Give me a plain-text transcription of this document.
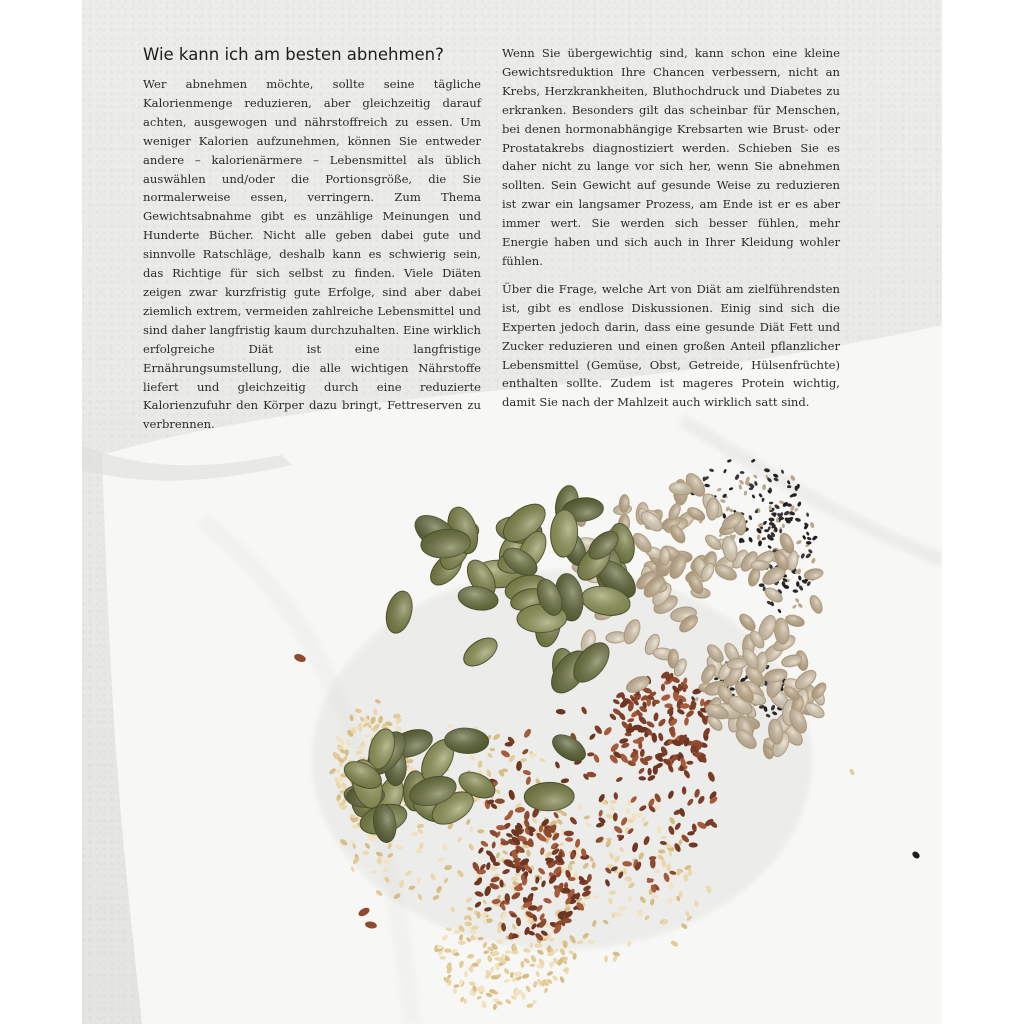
Wie kann ich am besten abnehmen?

Wer abnehmen möchte, sollte seine tägliche Kalorienmenge reduzieren, aber gleichzeitig darauf achten, ausgewogen und nährstoffreich zu essen. Um weniger Kalorien aufzunehmen, können Sie entweder andere – kalorienärmere – Lebensmittel als üblich auswählen und/oder die Portionsgröße, die Sie normalerweise essen, verringern. Zum Thema Gewichtsabnahme gibt es unzählige Meinungen und Hunderte Bücher. Nicht alle geben dabei gute und sinnvolle Ratschläge, deshalb kann es schwierig sein, das Richtige für sich selbst zu finden. Viele Diäten zeigen zwar kurzfristig gute Erfolge, sind aber dabei ziemlich extrem, vermeiden zahlreiche Lebensmittel und sind daher langfristig kaum durchzuhalten. Eine wirklich erfolgreiche Diät ist eine langfristige Ernährungsumstellung, die alle wichtigen Nährstoffe liefert und gleichzeitig durch eine reduzierte Kalorienzufuhr den Körper dazu bringt, Fettreserven zu verbrennen.

Wenn Sie übergewichtig sind, kann schon eine kleine Gewichtsreduktion Ihre Chancen verbessern, nicht an Krebs, Herzkrankheiten, Bluthochdruck und Diabetes zu erkranken. Besonders gilt das scheinbar für Menschen, bei denen hormonabhängige Krebsarten wie Brust- oder Prostatakrebs diagnostiziert werden. Schieben Sie es daher nicht zu lange vor sich her, wenn Sie abnehmen sollten. Sein Gewicht auf gesunde Weise zu reduzieren ist zwar ein langsamer Prozess, am Ende ist er es aber immer wert. Sie werden sich besser fühlen, mehr Energie haben und sich auch in Ihrer Kleidung wohler fühlen.

Über die Frage, welche Art von Diät am zielführendsten ist, gibt es endlose Diskussionen. Einig sind sich die Experten jedoch darin, dass eine gesunde Diät Fett und Zucker reduzieren und einen großen Anteil pflanzlicher Lebensmittel (Gemüse, Obst, Getreide, Hülsenfrüchte) enthalten sollte. Zudem ist mageres Protein wichtig, damit Sie nach der Mahlzeit auch wirklich satt sind.
